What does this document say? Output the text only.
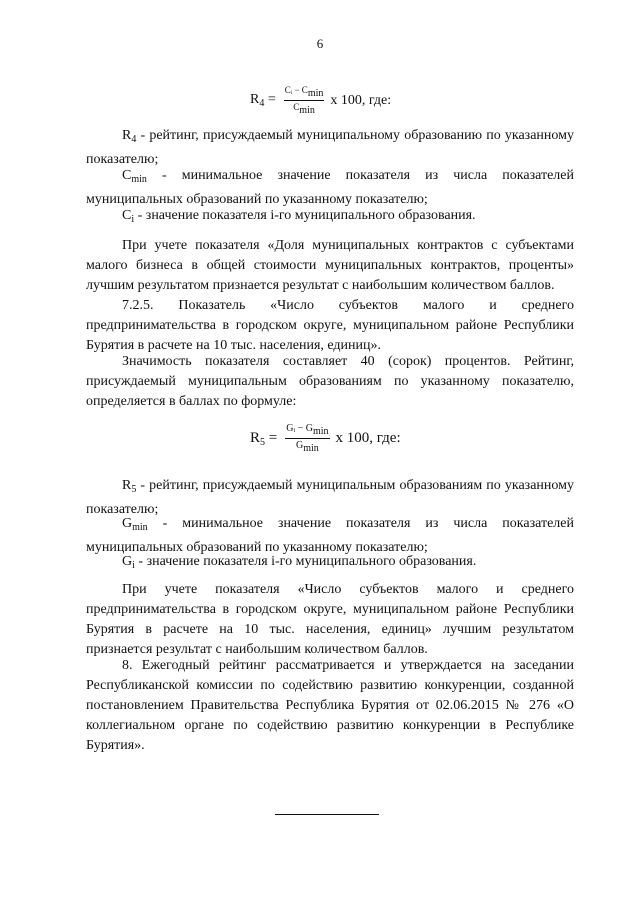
6
$R_4 = \frac{\text{Cᵢ − Cmin}}{Cmin}$ х 100, где:

$R_4$ - рейтинг, присуждаемый муниципальному образованию по указанному показателю;

$C_{min}$ - минимальное значение показателя из числа показателей муниципальных образований по указанному показателю;

$C_i$ - значение показателя i-го муниципального образования.

При учете показателя «Доля муниципальных контрактов с субъектами малого бизнеса в общей стоимости муниципальных контрактов, проценты» лучшим результатом признается результат с наибольшим количеством баллов.

7.2.5. Показатель «Число субъектов малого и среднего предпринимательства в городском округе, муниципальном районе Республики Бурятия в расчете на 10 тыс. населения, единиц».

Значимость показателя составляет 40 (сорок) процентов. Рейтинг, присуждаемый муниципальным образованиям по указанному показателю, определяется в баллах по формуле:

$R_5 = \frac{\text{Gᵢ − Gmin}}{Gmin}$ х 100, где:

$R_5$ - рейтинг, присуждаемый муниципальным образованиям по указанному показателю;

$G_{min}$ - минимальное значение показателя из числа показателей муниципальных образований по указанному показателю;

$G_i$ - значение показателя i-го муниципального образования.

При учете показателя «Число субъектов малого и среднего предпринимательства в городском округе, муниципальном районе Республики Бурятия в расчете на 10 тыс. населения, единиц» лучшим результатом признается результат с наибольшим количеством баллов.

8. Ежегодный рейтинг рассматривается и утверждается на заседании Республиканской комиссии по содействию развитию конкуренции, созданной постановлением Правительства Республика Бурятия от 02.06.2015 № 276 «О коллегиальном органе по содействию развитию конкуренции в Республике Бурятия».
